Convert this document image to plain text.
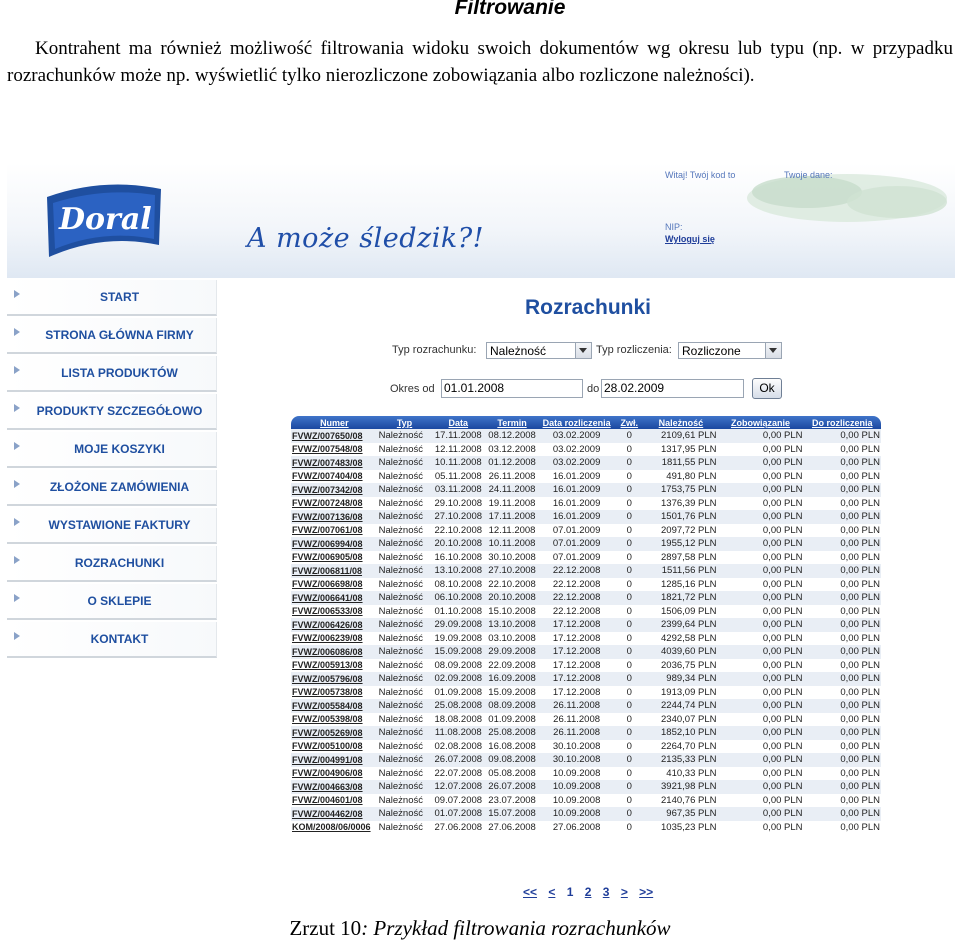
Filtrowanie
Kontrahent ma również możliwość filtrowania widoku swoich dokumentów wg okresu lub typu (np. w przypadku rozrachunków może np. wyświetlić tylko nierozliczone zobowiązania albo rozliczone należności).
Doral
A może śledzik?!
Witaj! Twój kod to	Twoje dane:
NIP:
Wyloguj się
START
STRONA GŁÓWNA FIRMY
LISTA PRODUKTÓW
PRODUKTY SZCZEGÓŁOWO
MOJE KOSZYKI
ZŁOŻONE ZAMÓWIENIA
WYSTAWIONE FAKTURY
ROZRACHUNKI
O SKLEPIE
KONTAKT
Rozrachunki
Typ rozrachunku:	Należność	Typ rozliczenia: Rozliczone
Okres od 01.01.2008	do 28.02.2009	Ok
Numer	Typ	Data	Termin	Data rozliczenia	Zwł.	Należność	Zobowiązanie	Do rozliczenia
FVWZ/007650/08	Należność	17.11.2008	08.12.2008	03.02.2009	0	2109,61 PLN	0,00 PLN	0,00 PLN
FVWZ/007548/08	Należność	12.11.2008	03.12.2008	03.02.2009	0	1317,95 PLN	0,00 PLN	0,00 PLN
FVWZ/007483/08	Należność	10.11.2008	01.12.2008	03.02.2009	0	1811,55 PLN	0,00 PLN	0,00 PLN
FVWZ/007404/08	Należność	05.11.2008	26.11.2008	16.01.2009	0	491,80 PLN	0,00 PLN	0,00 PLN
FVWZ/007342/08	Należność	03.11.2008	24.11.2008	16.01.2009	0	1753,75 PLN	0,00 PLN	0,00 PLN
FVWZ/007248/08	Należność	29.10.2008	19.11.2008	16.01.2009	0	1376,39 PLN	0,00 PLN	0,00 PLN
FVWZ/007136/08	Należność	27.10.2008	17.11.2008	16.01.2009	0	1501,76 PLN	0,00 PLN	0,00 PLN
FVWZ/007061/08	Należność	22.10.2008	12.11.2008	07.01.2009	0	2097,72 PLN	0,00 PLN	0,00 PLN
FVWZ/006994/08	Należność	20.10.2008	10.11.2008	07.01.2009	0	1955,12 PLN	0,00 PLN	0,00 PLN
FVWZ/006905/08	Należność	16.10.2008	30.10.2008	07.01.2009	0	2897,58 PLN	0,00 PLN	0,00 PLN
FVWZ/006811/08	Należność	13.10.2008	27.10.2008	22.12.2008	0	1511,56 PLN	0,00 PLN	0,00 PLN
FVWZ/006698/08	Należność	08.10.2008	22.10.2008	22.12.2008	0	1285,16 PLN	0,00 PLN	0,00 PLN
FVWZ/006641/08	Należność	06.10.2008	20.10.2008	22.12.2008	0	1821,72 PLN	0,00 PLN	0,00 PLN
FVWZ/006533/08	Należność	01.10.2008	15.10.2008	22.12.2008	0	1506,09 PLN	0,00 PLN	0,00 PLN
FVWZ/006426/08	Należność	29.09.2008	13.10.2008	17.12.2008	0	2399,64 PLN	0,00 PLN	0,00 PLN
FVWZ/006239/08	Należność	19.09.2008	03.10.2008	17.12.2008	0	4292,58 PLN	0,00 PLN	0,00 PLN
FVWZ/006086/08	Należność	15.09.2008	29.09.2008	17.12.2008	0	4039,60 PLN	0,00 PLN	0,00 PLN
FVWZ/005913/08	Należność	08.09.2008	22.09.2008	17.12.2008	0	2036,75 PLN	0,00 PLN	0,00 PLN
FVWZ/005796/08	Należność	02.09.2008	16.09.2008	17.12.2008	0	989,34 PLN	0,00 PLN	0,00 PLN
FVWZ/005738/08	Należność	01.09.2008	15.09.2008	17.12.2008	0	1913,09 PLN	0,00 PLN	0,00 PLN
FVWZ/005584/08	Należność	25.08.2008	08.09.2008	26.11.2008	0	2244,74 PLN	0,00 PLN	0,00 PLN
FVWZ/005398/08	Należność	18.08.2008	01.09.2008	26.11.2008	0	2340,07 PLN	0,00 PLN	0,00 PLN
FVWZ/005269/08	Należność	11.08.2008	25.08.2008	26.11.2008	0	1852,10 PLN	0,00 PLN	0,00 PLN
FVWZ/005100/08	Należność	02.08.2008	16.08.2008	30.10.2008	0	2264,70 PLN	0,00 PLN	0,00 PLN
FVWZ/004991/08	Należność	26.07.2008	09.08.2008	30.10.2008	0	2135,33 PLN	0,00 PLN	0,00 PLN
FVWZ/004906/08	Należność	22.07.2008	05.08.2008	10.09.2008	0	410,33 PLN	0,00 PLN	0,00 PLN
FVWZ/004663/08	Należność	12.07.2008	26.07.2008	10.09.2008	0	3921,98 PLN	0,00 PLN	0,00 PLN
FVWZ/004601/08	Należność	09.07.2008	23.07.2008	10.09.2008	0	2140,76 PLN	0,00 PLN	0,00 PLN
FVWZ/004462/08	Należność	01.07.2008	15.07.2008	10.09.2008	0	967,35 PLN	0,00 PLN	0,00 PLN
KOM/2008/06/0006	Należność	27.06.2008	27.06.2008	27.06.2008	0	1035,23 PLN	0,00 PLN	0,00 PLN
<< < 1 2 3 > >>
Zrzut 10: Przykład filtrowania rozrachunków
